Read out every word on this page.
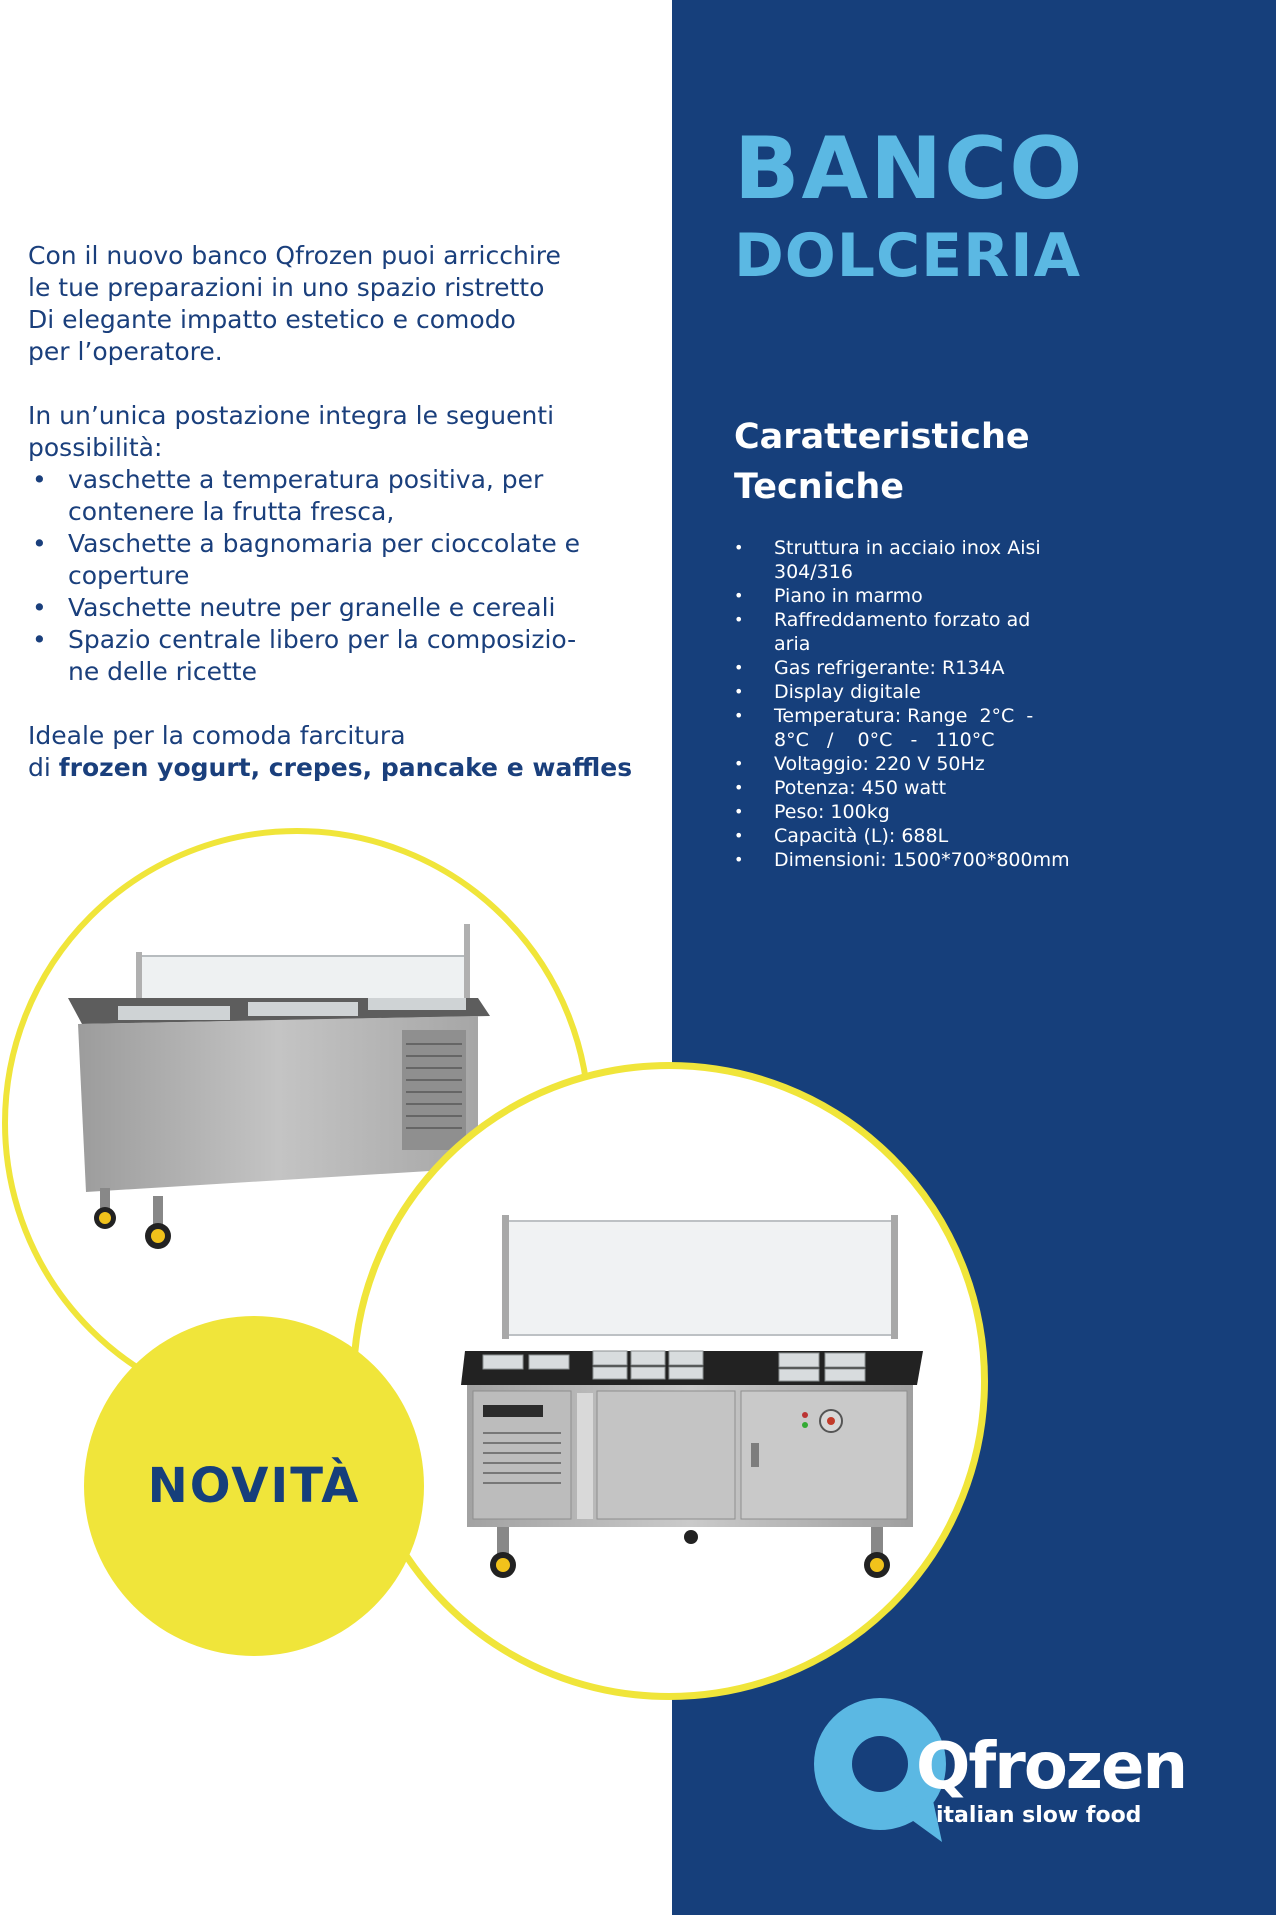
BANCO
DOLCERIA

Con il nuovo banco Qfrozen puoi arricchire
le tue preparazioni in uno spazio ristretto
Di elegante impatto estetico e comodo
per l’operatore.

In un’unica postazione integra le seguenti
possibilità:

• vaschette a temperatura positiva, per
contenere la frutta fresca,
• Vaschette a bagnomaria per cioccolate e
coperture
• Vaschette neutre per granelle e cereali
• Spazio centrale libero per la composizio-
ne delle ricette

Ideale per la comoda farcitura
di frozen yogurt, crepes, pancake e waffles

Caratteristiche
Tecniche
• Struttura in acciaio inox Aisi
304/316
• Piano in marmo
• Raffreddamento forzato ad
aria
• Gas refrigerante: R134A
• Display digitale
• Temperatura: Range  2°C  -
8°C   /    0°C   -   110°C
• Voltaggio: 220 V 50Hz
• Potenza: 450 watt
• Peso: 100kg
• Capacità (L): 688L
• Dimensioni: 1500*700*800mm
NOVITÀ
Qfrozen
italian slow food
